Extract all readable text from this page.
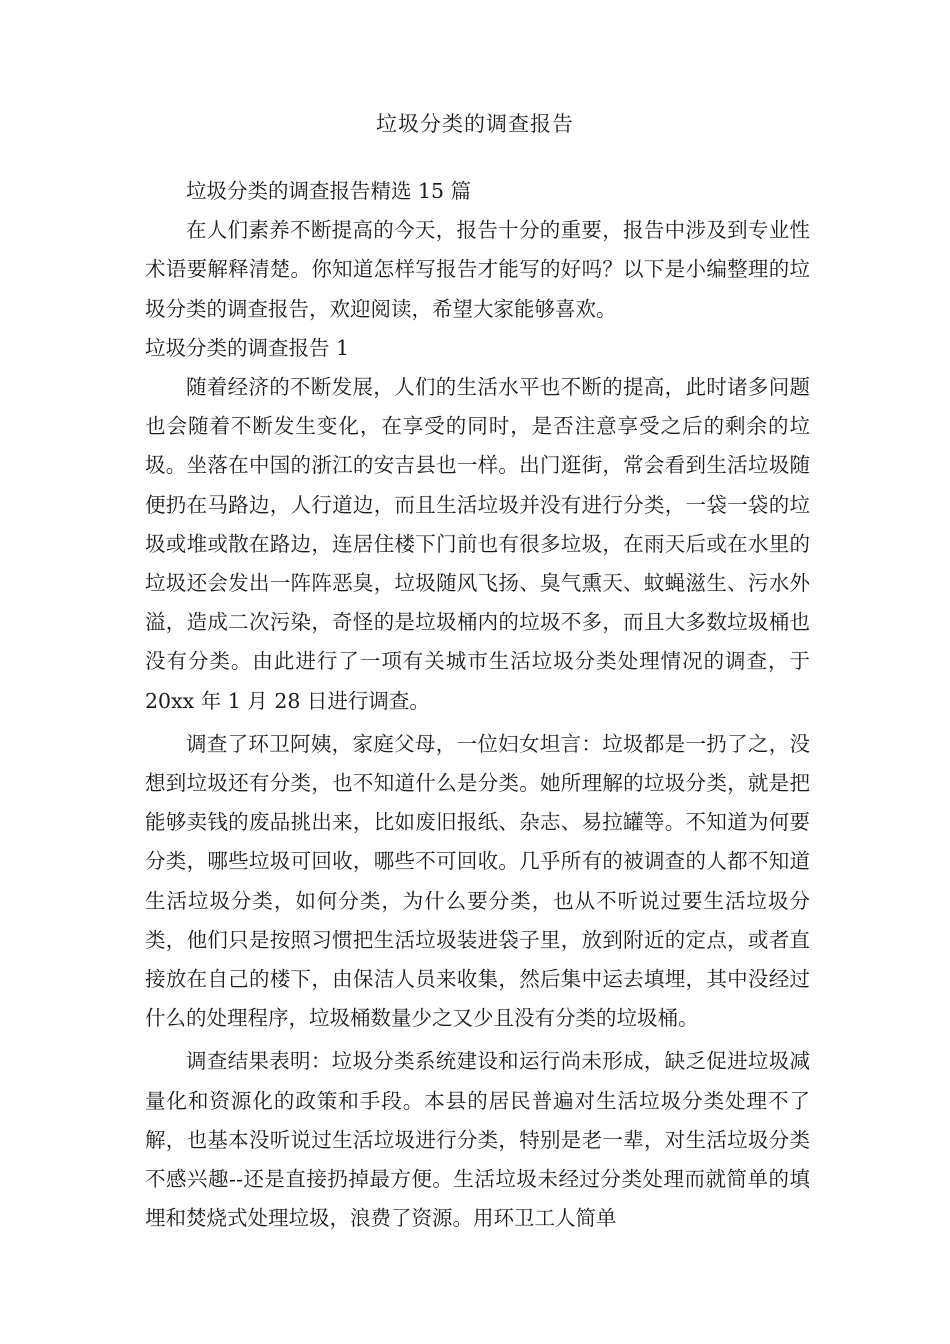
垃圾分类的调查报告

垃圾分类的调查报告精选 15 篇

在人们素养不断提高的今天，报告十分的重要，报告中涉及到专业性术语要解释清楚。你知道怎样写报告才能写的好吗？以下是小编整理的垃圾分类的调查报告，欢迎阅读，希望大家能够喜欢。

垃圾分类的调查报告 1

随着经济的不断发展，人们的生活水平也不断的提高，此时诸多问题也会随着不断发生变化，在享受的同时，是否注意享受之后的剩余的垃圾。坐落在中国的浙江的安吉县也一样。出门逛街，常会看到生活垃圾随便扔在马路边，人行道边，而且生活垃圾并没有进行分类，一袋一袋的垃圾或堆或散在路边，连居住楼下门前也有很多垃圾，在雨天后或在水里的垃圾还会发出一阵阵恶臭，垃圾随风飞扬、臭气熏天、蚊蝇滋生、污水外溢，造成二次污染，奇怪的是垃圾桶内的垃圾不多，而且大多数垃圾桶也没有分类。由此进行了一项有关城市生活垃圾分类处理情况的调查，于 20xx 年 1 月 28 日进行调查。

调查了环卫阿姨，家庭父母，一位妇女坦言：垃圾都是一扔了之，没想到垃圾还有分类，也不知道什么是分类。她所理解的垃圾分类，就是把能够卖钱的废品挑出来，比如废旧报纸、杂志、易拉罐等。不知道为何要分类，哪些垃圾可回收，哪些不可回收。几乎所有的被调查的人都不知道生活垃圾分类，如何分类，为什么要分类，也从不听说过要生活垃圾分类，他们只是按照习惯把生活垃圾装进袋子里，放到附近的定点，或者直接放在自己的楼下，由保洁人员来收集，然后集中运去填埋，其中没经过什么的处理程序，垃圾桶数量少之又少且没有分类的垃圾桶。

调查结果表明：垃圾分类系统建设和运行尚未形成，缺乏促进垃圾减量化和资源化的政策和手段。本县的居民普遍对生活垃圾分类处理不了解，也基本没听说过生活垃圾进行分类，特别是老一辈，对生活垃圾分类不感兴趣--还是直接扔掉最方便。生活垃圾未经过分类处理而就简单的填埋和焚烧式处理垃圾，浪费了资源。用环卫工人简单
